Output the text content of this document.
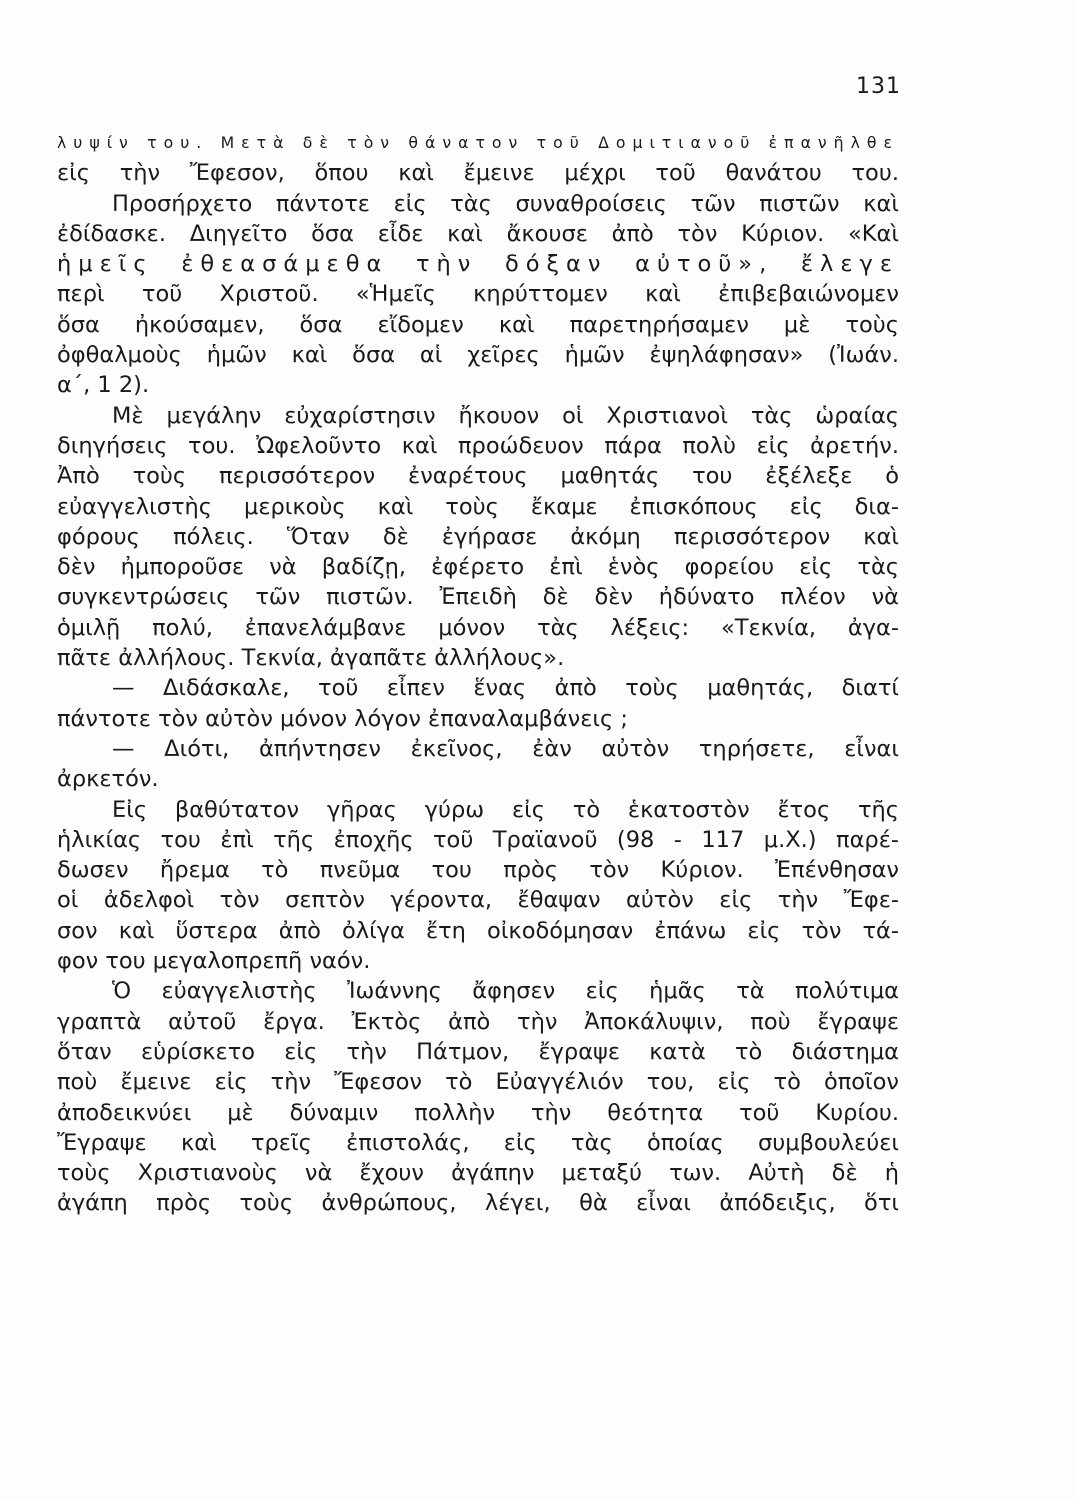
131
λυψίν του. Μετὰ δὲ τὸν θάνατον τοῦ Δομιτιανοῦ ἐπανῆλθε
εἰς τὴν Ἔφεσον, ὅπου καὶ ἔμεινε μέχρι τοῦ θανάτου του.
Προσήρχετο πάντοτε εἰς τὰς συναθροίσεις τῶν πιστῶν καὶ
ἐδίδασκε. Διηγεῖτο ὅσα εἶδε καὶ ἄκουσε ἀπὸ τὸν Κύριον. «Καὶ
ἡμεῖς ἐθεασάμεθα τὴν δόξαν αὐτοῦ», ἔλεγε
περὶ τοῦ Χριστοῦ. «Ἡμεῖς κηρύττομεν καὶ ἐπιβεβαιώνομεν
ὅσα ἠκούσαμεν, ὅσα εἴδομεν καὶ παρετηρήσαμεν μὲ τοὺς
ὀφθαλμοὺς ἡμῶν καὶ ὅσα αἱ χεῖρες ἡμῶν ἐψηλάφησαν» (Ἰωάν.
α΄, 1 2).
Μὲ μεγάλην εὐχαρίστησιν ἤκουον οἱ Χριστιανοὶ τὰς ὡραίας
διηγήσεις του. Ὠφελοῦντο καὶ προώδευον πάρα πολὺ εἰς ἀρετήν.
Ἀπὸ τοὺς περισσότερον ἐναρέτους μαθητάς του ἐξέλεξε ὁ
εὐαγγελιστὴς μερικοὺς καὶ τοὺς ἔκαμε ἐπισκόπους εἰς δια-
φόρους πόλεις. Ὅταν δὲ ἐγήρασε ἀκόμη περισσότερον καὶ
δὲν ἠμποροῦσε νὰ βαδίζῃ, ἐφέρετο ἐπὶ ἑνὸς φορείου εἰς τὰς
συγκεντρώσεις τῶν πιστῶν. Ἐπειδὴ δὲ δὲν ἠδύνατο πλέον νὰ
ὁμιλῇ πολύ, ἐπανελάμβανε μόνον τὰς λέξεις: «Τεκνία, ἀγα-
πᾶτε ἀλλήλους. Τεκνία, ἀγαπᾶτε ἀλλήλους».
— Διδάσκαλε, τοῦ εἶπεν ἕνας ἀπὸ τοὺς μαθητάς, διατί
πάντοτε τὸν αὐτὸν μόνον λόγον ἐπαναλαμβάνεις ;
— Διότι, ἀπήντησεν ἐκεῖνος, ἐὰν αὐτὸν τηρήσετε, εἶναι
ἀρκετόν.
Εἰς βαθύτατον γῆρας γύρω εἰς τὸ ἑκατοστὸν ἔτος τῆς
ἡλικίας του ἐπὶ τῆς ἐποχῆς τοῦ Τραϊανοῦ (98 - 117 μ.Χ.) παρέ-
δωσεν ἤρεμα τὸ πνεῦμα του πρὸς τὸν Κύριον. Ἐπένθησαν
οἱ ἀδελφοὶ τὸν σεπτὸν γέροντα, ἔθαψαν αὐτὸν εἰς τὴν Ἔφε-
σον καὶ ὕστερα ἀπὸ ὀλίγα ἔτη οἰκοδόμησαν ἐπάνω εἰς τὸν τά-
φον του μεγαλοπρεπῆ ναόν.
Ὁ εὐαγγελιστὴς Ἰωάννης ἄφησεν εἰς ἡμᾶς τὰ πολύτιμα
γραπτὰ αὐτοῦ ἔργα. Ἐκτὸς ἀπὸ τὴν Ἀποκάλυψιν, ποὺ ἔγραψε
ὅταν εὑρίσκετο εἰς τὴν Πάτμον, ἔγραψε κατὰ τὸ διάστημα
ποὺ ἔμεινε εἰς τὴν Ἔφεσον τὸ Εὐαγγέλιόν του, εἰς τὸ ὁποῖον
ἀποδεικνύει μὲ δύναμιν πολλὴν τὴν θεότητα τοῦ Κυρίου.
Ἔγραψε καὶ τρεῖς ἐπιστολάς, εἰς τὰς ὁποίας συμβουλεύει
τοὺς Χριστιανοὺς νὰ ἔχουν ἀγάπην μεταξύ των. Αὐτὴ δὲ ἡ
ἀγάπη πρὸς τοὺς ἀνθρώπους, λέγει, θὰ εἶναι ἀπόδειξις, ὅτι
